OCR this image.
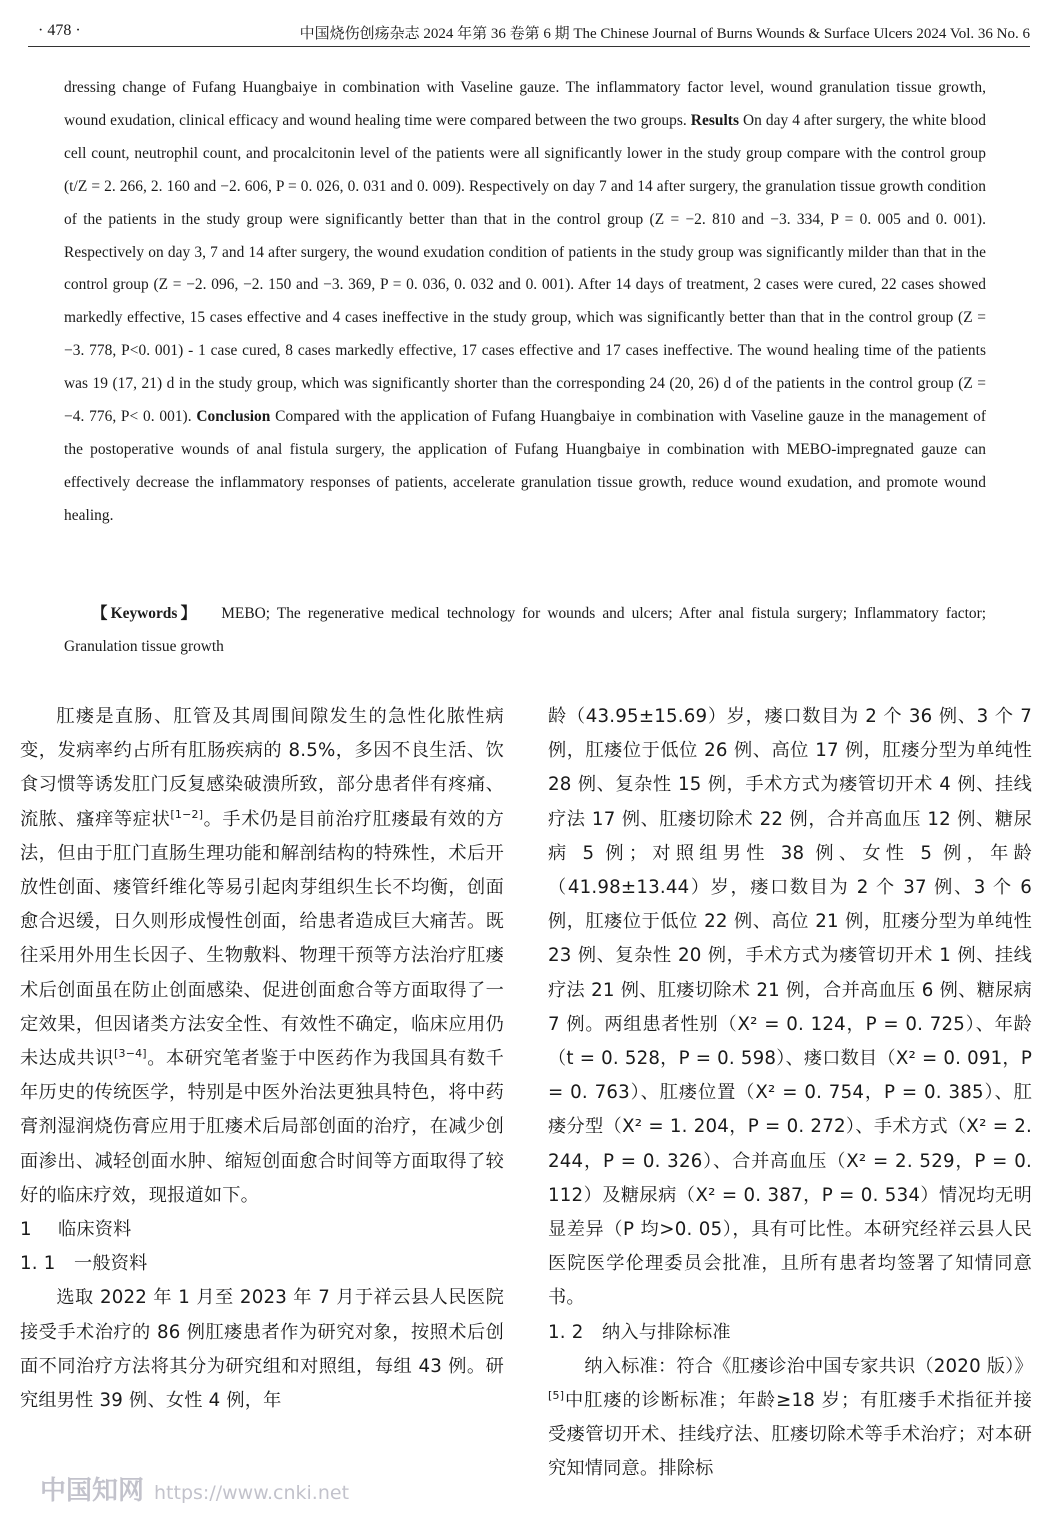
· 478 ·	中国烧伤创疡杂志 2024 年第 36 卷第 6 期 The Chinese Journal of Burns Wounds & Surface Ulcers 2024 Vol. 36 No. 6

dressing change of Fufang Huangbaiye in combination with Vaseline gauze. The inflammatory factor level, wound granulation tissue growth, wound exudation, clinical efficacy and wound healing time were compared between the two groups. Results On day 4 after surgery, the white blood cell count, neutrophil count, and procalcitonin level of the patients were all significantly lower in the study group compare with the control group (t/Z = 2. 266, 2. 160 and −2. 606, P = 0. 026, 0. 031 and 0. 009). Respectively on day 7 and 14 after surgery, the granulation tissue growth condition of the patients in the study group were significantly better than that in the control group (Z = −2. 810 and −3. 334, P = 0. 005 and 0. 001). Respectively on day 3, 7 and 14 after surgery, the wound exudation condition of patients in the study group was significantly milder than that in the control group (Z = −2. 096, −2. 150 and −3. 369, P = 0. 036, 0. 032 and 0. 001). After 14 days of treatment, 2 cases were cured, 22 cases showed markedly effective, 15 cases effective and 4 cases ineffective in the study group, which was significantly better than that in the control group (Z = −3. 778, P<0. 001) - 1 case cured, 8 cases markedly effective, 17 cases effective and 17 cases ineffective. The wound healing time of the patients was 19 (17, 21) d in the study group, which was significantly shorter than the corresponding 24 (20, 26) d of the patients in the control group (Z = −4. 776, P< 0. 001). Conclusion Compared with the application of Fufang Huangbaiye in combination with Vaseline gauze in the management of the postoperative wounds of anal fistula surgery, the application of Fufang Huangbaiye in combination with MEBO-impregnated gauze can effectively decrease the inflammatory responses of patients, accelerate granulation tissue growth, reduce wound exudation, and promote wound healing.

【Keywords】 MEBO; The regenerative medical technology for wounds and ulcers; After anal fistula surgery; Inflammatory factor; Granulation tissue growth

肛瘘是直肠、肛管及其周围间隙发生的急性化脓性病变，发病率约占所有肛肠疾病的 8.5%，多因不良生活、饮食习惯等诱发肛门反复感染破溃所致，部分患者伴有疼痛、流脓、瘙痒等症状[1−2]。手术仍是目前治疗肛瘘最有效的方法，但由于肛门直肠生理功能和解剖结构的特殊性，术后开放性创面、瘘管纤维化等易引起肉芽组织生长不均衡，创面愈合迟缓，日久则形成慢性创面，给患者造成巨大痛苦。既往采用外用生长因子、生物敷料、物理干预等方法治疗肛瘘术后创面虽在防止创面感染、促进创面愈合等方面取得了一定效果，但因诸类方法安全性、有效性不确定，临床应用仍未达成共识[3−4]。本研究笔者鉴于中医药作为我国具有数千年历史的传统医学，特别是中医外治法更独具特色，将中药膏剂湿润烧伤膏应用于肛瘘术后局部创面的治疗，在减少创面渗出、减轻创面水肿、缩短创面愈合时间等方面取得了较好的临床疗效，现报道如下。

1 临床资料

1. 1 一般资料

选取 2022 年 1 月至 2023 年 7 月于祥云县人民医院接受手术治疗的 86 例肛瘘患者作为研究对象，按照术后创面不同治疗方法将其分为研究组和对照组，每组 43 例。研究组男性 39 例、女性 4 例，年

龄（43.95±15.69）岁，瘘口数目为 2 个 36 例、3 个 7 例，肛瘘位于低位 26 例、高位 17 例，肛瘘分型为单纯性 28 例、复杂性 15 例，手术方式为瘘管切开术 4 例、挂线疗法 17 例、肛瘘切除术 22 例，合并高血压 12 例、糖尿病 5 例；对照组男性 38 例、女性 5 例，年龄（41.98±13.44）岁，瘘口数目为 2 个 37 例、3 个 6 例，肛瘘位于低位 22 例、高位 21 例，肛瘘分型为单纯性 23 例、复杂性 20 例，手术方式为瘘管切开术 1 例、挂线疗法 21 例、肛瘘切除术 21 例，合并高血压 6 例、糖尿病 7 例。两组患者性别（X² = 0. 124，P = 0. 725）、年龄（t = 0. 528，P = 0. 598）、瘘口数目（X² = 0. 091，P = 0. 763）、肛瘘位置（X² = 0. 754，P = 0. 385）、肛瘘分型（X² = 1. 204，P = 0. 272）、手术方式（X² = 2. 244，P = 0. 326）、合并高血压（X² = 2. 529，P = 0. 112）及糖尿病（X² = 0. 387，P = 0. 534）情况均无明显差异（P 均>0. 05），具有可比性。本研究经祥云县人民医院医学伦理委员会批准，且所有患者均签署了知情同意书。

1. 2 纳入与排除标准

纳入标准：符合《肛瘘诊治中国专家共识（2020 版）》[5]中肛瘘的诊断标准；年龄≥18 岁；有肛瘘手术指征并接受瘘管切开术、挂线疗法、肛瘘切除术等手术治疗；对本研究知情同意。排除标

中国知网 https://www.cnki.net
